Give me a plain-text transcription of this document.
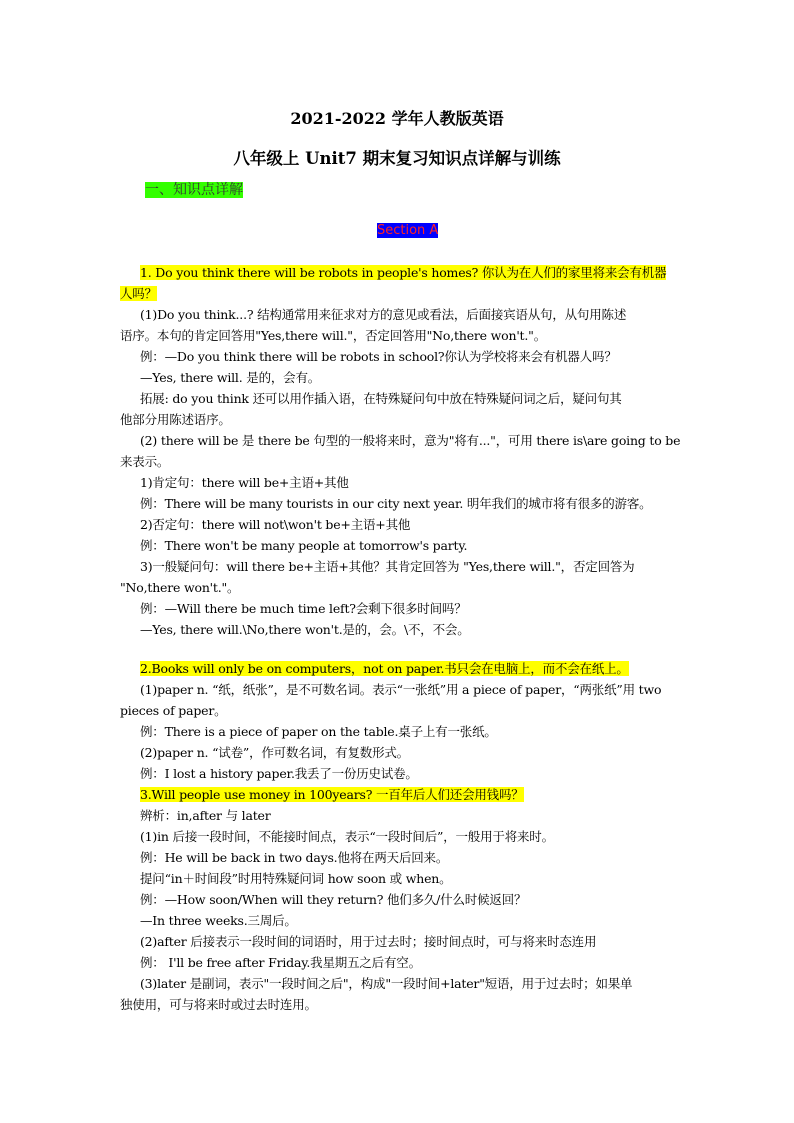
2021-2022 学年人教版英语
八年级上 Unit7 期末复习知识点详解与训练
一、知识点详解
Section A
1. Do you think there will be robots in people's homes? 你认为在人们的家里将来会有机器
人吗？
(1)Do you think...? 结构通常用来征求对方的意见或看法，后面接宾语从句，从句用陈述
语序。本句的肯定回答用"Yes,there will."，否定回答用"No,there won't."。
例：—Do you think there will be robots in school?你认为学校将来会有机器人吗？
—Yes, there will. 是的，会有。
拓展: do you think 还可以用作插入语，在特殊疑问句中放在特殊疑问词之后，疑问句其
他部分用陈述语序。
(2) there will be 是 there be 句型的一般将来时，意为"将有..."，可用 there is\are going to be
来表示。
1)肯定句：there will be+主语+其他
例：There will be many tourists in our city next year. 明年我们的城市将有很多的游客。
2)否定句：there will not\won't be+主语+其他
例：There won't be many people at tomorrow's party.
3)一般疑问句：will there be+主语+其他？其肯定回答为 "Yes,there will."，否定回答为
"No,there won't."。
例：—Will there be much time left?会剩下很多时间吗？
—Yes, there will.\No,there won't.是的，会。\不，不会。
2.Books will only be on computers，not on paper.书只会在电脑上，而不会在纸上。
(1)paper n. “纸，纸张”，是不可数名词。表示“一张纸”用 a piece of paper，“两张纸”用 two
pieces of paper。
例：There is a piece of paper on the table.桌子上有一张纸。
(2)paper n. “试卷”，作可数名词，有复数形式。
例：I lost a history paper.我丢了一份历史试卷。
3.Will people use money in 100years? 一百年后人们还会用钱吗？
辨析：in,after 与 later
(1)in 后接一段时间，不能接时间点，表示“一段时间后”，一般用于将来时。
例：He will be back in two days.他将在两天后回来。
提问“in＋时间段”时用特殊疑问词 how soon 或 when。
例：—How soon/When will they return? 他们多久/什么时候返回？
—In three weeks.三周后。
(2)after 后接表示一段时间的词语时，用于过去时；接时间点时，可与将来时态连用
例： I'll be free after Friday.我星期五之后有空。
(3)later 是副词，表示"一段时间之后"，构成"一段时间+later"短语，用于过去时；如果单
独使用，可与将来时或过去时连用。
